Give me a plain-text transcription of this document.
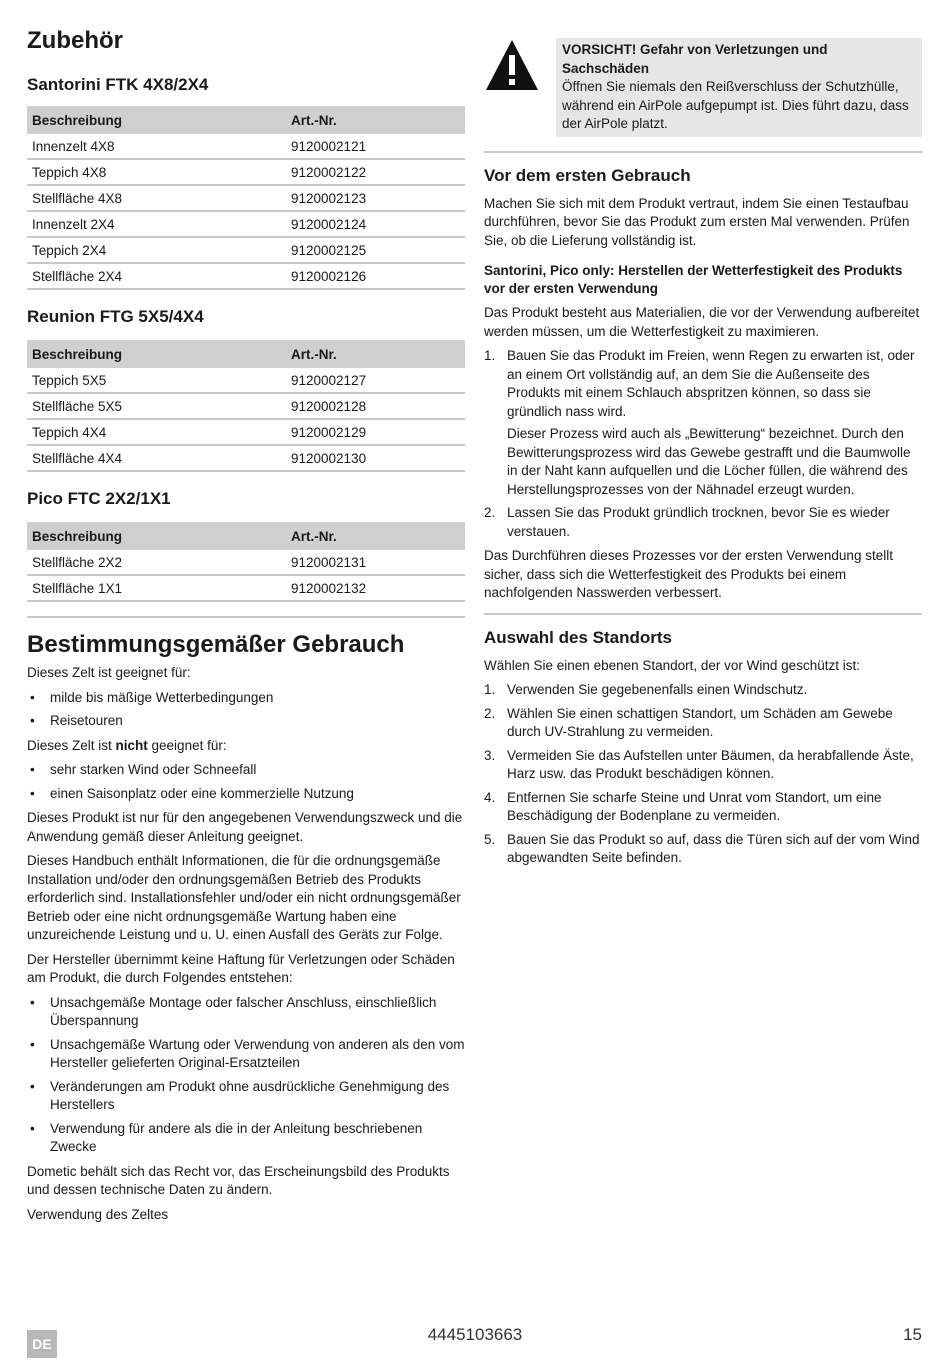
Zubehör
Santorini FTK 4X8/2X4
Beschreibung	Art.-Nr.
Innenzelt 4X8	9120002121
Teppich 4X8	9120002122
Stellfläche 4X8	9120002123
Innenzelt 2X4	9120002124
Teppich 2X4	9120002125
Stellfläche 2X4	9120002126
Reunion FTG 5X5/4X4
Beschreibung	Art.-Nr.
Teppich 5X5	9120002127
Stellfläche 5X5	9120002128
Teppich 4X4	9120002129
Stellfläche 4X4	9120002130
Pico FTC 2X2/1X1
Beschreibung	Art.-Nr.
Stellfläche 2X2	9120002131
Stellfläche 1X1	9120002132
Bestimmungsgemäßer Gebrauch

Dieses Zelt ist geeignet für:

• milde bis mäßige Wetterbedingungen
• Reisetouren

Dieses Zelt ist nicht geeignet für:

• sehr starken Wind oder Schneefall
• einen Saisonplatz oder eine kommerzielle Nutzung

Dieses Produkt ist nur für den angegebenen Verwendungszweck und die Anwendung gemäß dieser Anleitung geeignet.

Dieses Handbuch enthält Informationen, die für die ordnungsgemäße Installation und/oder den ordnungsgemäßen Betrieb des Produkts erforderlich sind. Installationsfehler und/oder ein nicht ordnungsgemäßer Betrieb oder eine nicht ordnungsgemäße Wartung haben eine unzureichende Leistung und u. U. einen Ausfall des Geräts zur Folge.

Der Hersteller übernimmt keine Haftung für Verletzungen oder Schäden am Produkt, die durch Folgendes entstehen:

• Unsachgemäße Montage oder falscher Anschluss, einschließlich Überspannung
• Unsachgemäße Wartung oder Verwendung von anderen als den vom Hersteller gelieferten Original-Ersatzteilen
• Veränderungen am Produkt ohne ausdrückliche Genehmigung des Herstellers
• Verwendung für andere als die in der Anleitung beschriebenen Zwecke

Dometic behält sich das Recht vor, das Erscheinungsbild des Produkts und dessen technische Daten zu ändern.

Verwendung des Zeltes

VORSICHT! Gefahr von Verletzungen und Sachschäden

Öffnen Sie niemals den Reißverschluss der Schutzhülle, während ein AirPole aufgepumpt ist. Dies führt dazu, dass der AirPole platzt.

Vor dem ersten Gebrauch

Machen Sie sich mit dem Produkt vertraut, indem Sie einen Testaufbau durchführen, bevor Sie das Produkt zum ersten Mal verwenden. Prüfen Sie, ob die Lieferung vollständig ist.

Santorini, Pico only: Herstellen der Wetterfestigkeit des Produkts vor der ersten Verwendung

Das Produkt besteht aus Materialien, die vor der Verwendung aufbereitet werden müssen, um die Wetterfestigkeit zu maximieren.

1. Bauen Sie das Produkt im Freien, wenn Regen zu erwarten ist, oder an einem Ort vollständig auf, an dem Sie die Außenseite des Produkts mit einem Schlauch abspritzen können, so dass sie gründlich nass wird.

Dieser Prozess wird auch als „Bewitterung“ bezeichnet. Durch den Bewitterungsprozess wird das Gewebe gestrafft und die Baumwolle in der Naht kann aufquellen und die Löcher füllen, die während des Herstellungsprozesses von der Nähnadel erzeugt wurden.

2. Lassen Sie das Produkt gründlich trocknen, bevor Sie es wieder verstauen.

Das Durchführen dieses Prozesses vor der ersten Verwendung stellt sicher, dass sich die Wetterfestigkeit des Produkts bei einem nachfolgenden Nasswerden verbessert.

Auswahl des Standorts

Wählen Sie einen ebenen Standort, der vor Wind geschützt ist:

1. Verwenden Sie gegebenenfalls einen Windschutz.
2. Wählen Sie einen schattigen Standort, um Schäden am Gewebe durch UV-Strahlung zu vermeiden.
3. Vermeiden Sie das Aufstellen unter Bäumen, da herabfallende Äste, Harz usw. das Produkt beschädigen können.
4. Entfernen Sie scharfe Steine und Unrat vom Standort, um eine Beschädigung der Bodenplane zu vermeiden.
5. Bauen Sie das Produkt so auf, dass die Türen sich auf der vom Wind abgewandten Seite befinden.
DE	4445103663	15
